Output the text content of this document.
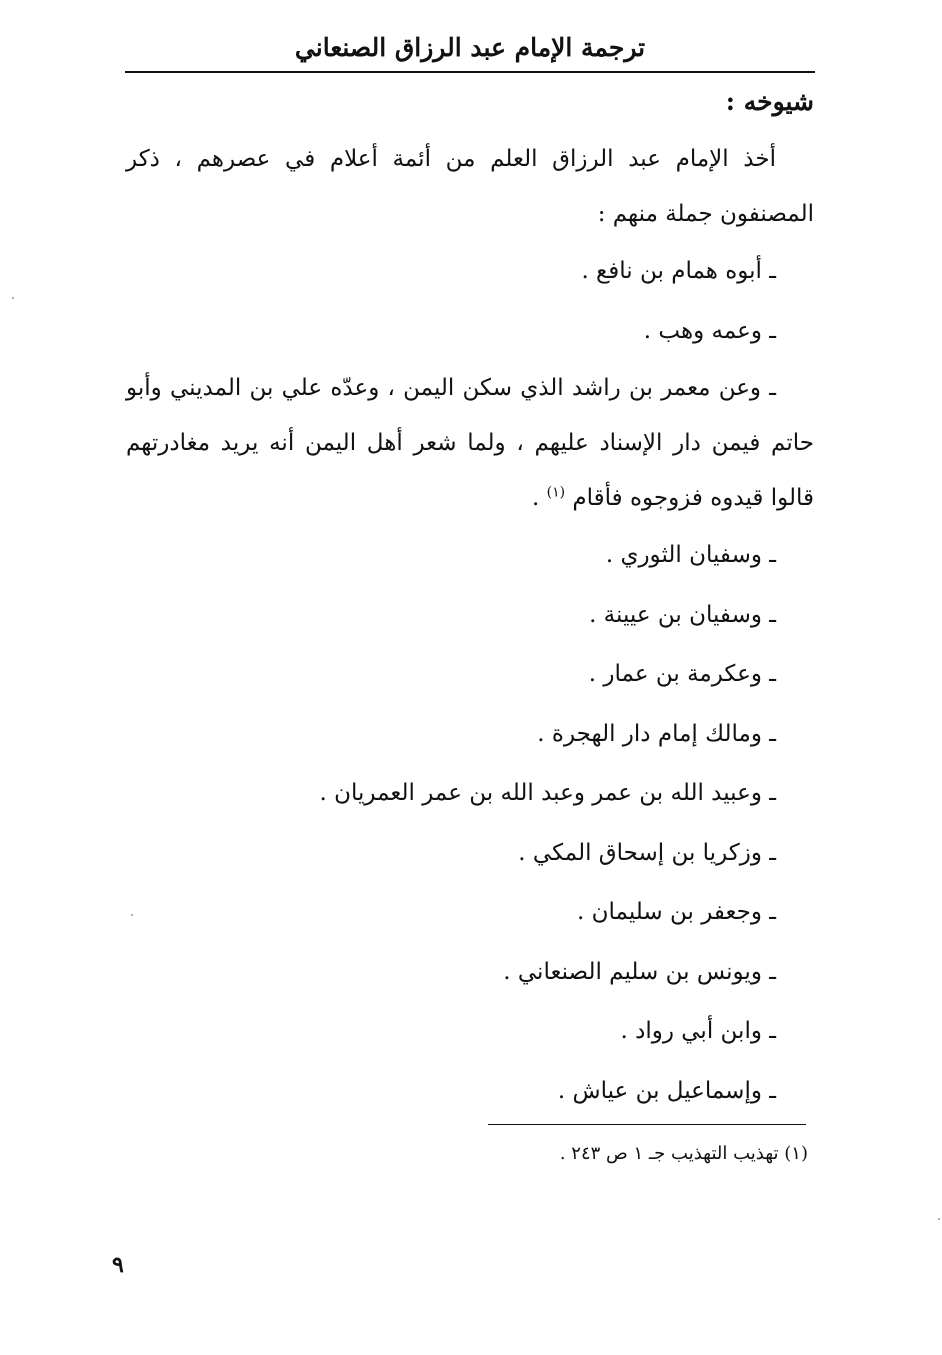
ترجمة الإمام عبد الرزاق الصنعاني
شيوخه :

أخذ الإمام عبد الرزاق العلم من أئمة أعلام في عصرهم ، ذكر المصنفون جملة منهم :

ـ أبوه همام بن نافع .

ـ وعمه وهب .

ـ وعن معمر بن راشد الذي سكن اليمن ، وعدّه علي بن المديني وأبو حاتم فيمن دار الإسناد عليهم ، ولما شعر أهل اليمن أنه يريد مغادرتهم قالوا قيدوه فزوجوه فأقام $^{(١)}$ .

ـ وسفيان الثوري .

ـ وسفيان بن عيينة .

ـ وعكرمة بن عمار .

ـ ومالك إمام دار الهجرة .

ـ وعبيد الله بن عمر وعبد الله بن عمر العمريان .

ـ وزكريا بن إسحاق المكي .

ـ وجعفر بن سليمان .

ـ ويونس بن سليم الصنعاني .

ـ وابن أبي رواد .

ـ وإسماعيل بن عياش .

(١) تهذيب التهذيب جـ ١ ص ٢٤٣ .
٩
